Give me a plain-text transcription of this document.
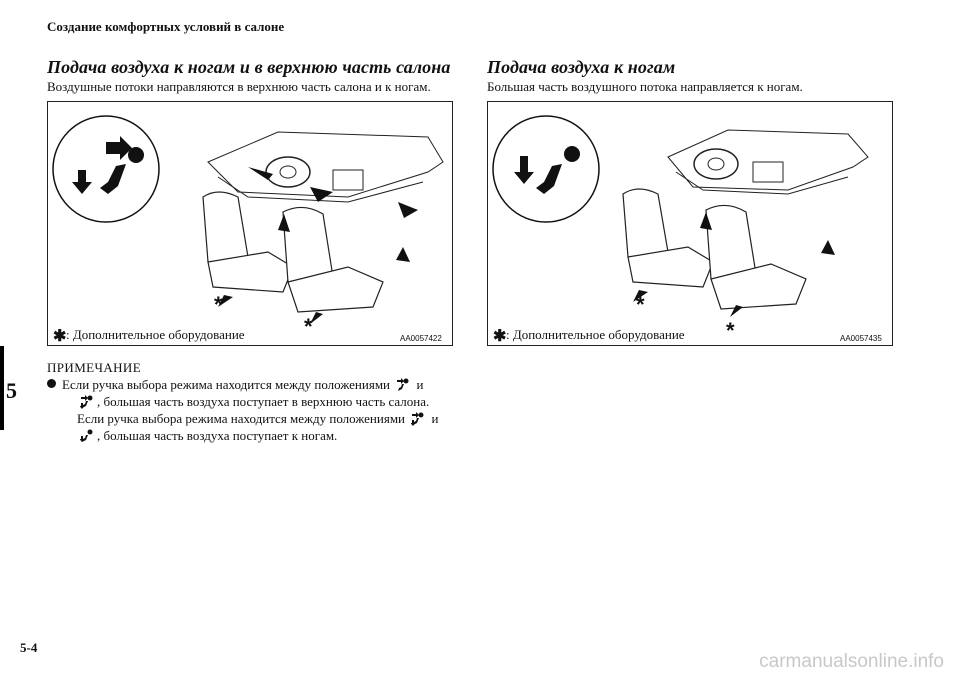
Создание комфортных условий в салоне
Подача воздуха к ногам и в верхнюю часть салона
Воздушные потоки направляются в верхнюю часть салона и к ногам.
*
*
✱ : Дополнительное оборудование	AA0057422
ПРИМЕЧАНИЕ
Если ручка выбора режима находится между положениями и
, большая часть воздуха поступает в верхнюю часть салона.
Если ручка выбора режима находится между положениями и
, большая часть воздуха поступает к ногам.
Подача воздуха к ногам
Большая часть воздушного потока направляется к ногам.
*
*
✱ : Дополнительное оборудование	AA0057435
5
5-4
carmanualsonline.info
